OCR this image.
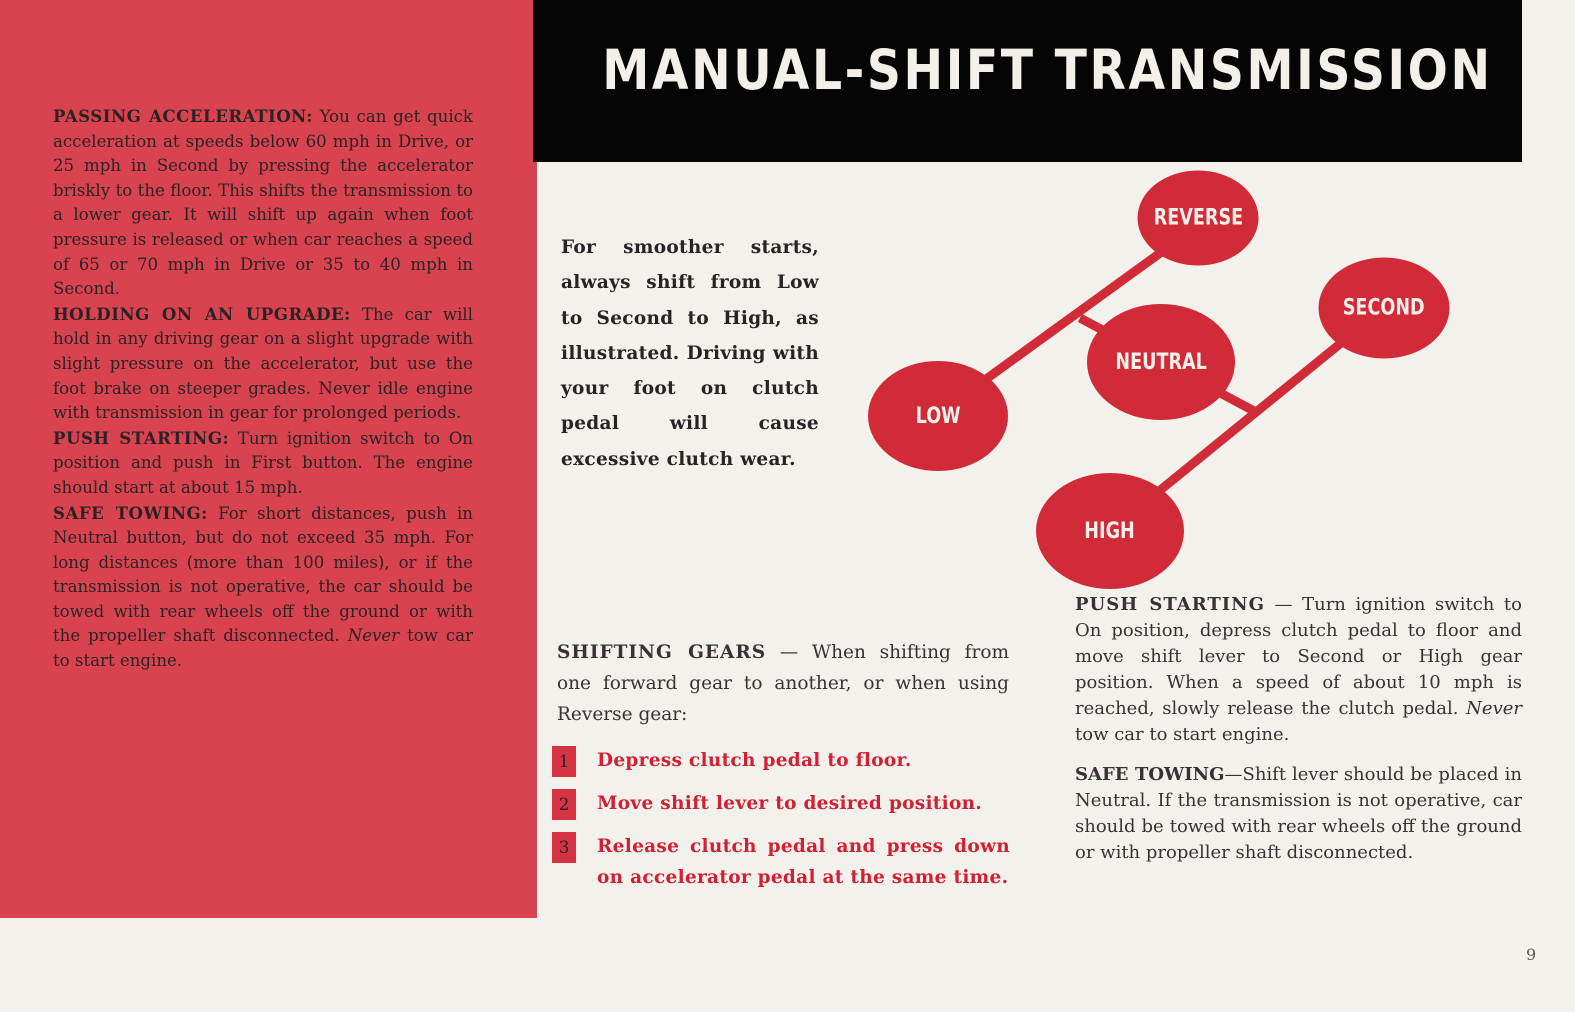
PASSING ACCELERATION: You can get quick acceleration at speeds below 60 mph in Drive, or 25 mph in Second by pressing the accelerator briskly to the floor. This shifts the transmission to a lower gear. It will shift up again when foot pressure is released or when car reaches a speed of 65 or 70 mph in Drive or 35 to 40 mph in Second.

HOLDING ON AN UPGRADE: The car will hold in any driving gear on a slight upgrade with slight pressure on the accelerator, but use the foot brake on steeper grades. Never idle engine with transmission in gear for prolonged periods.

PUSH STARTING: Turn ignition switch to On position and push in First button. The engine should start at about 15 mph.

SAFE TOWING: For short distances, push in Neutral button, but do not exceed 35 mph. For long distances (more than 100 miles), or if the transmission is not operative, the car should be towed with rear wheels off the ground or with the propeller shaft disconnected. Never tow car to start engine.

MANUAL-SHIFT TRANSMISSION
For smoother starts, always shift from Low to Second to High, as illustrated. Driving with your foot on clutch pedal will cause excessive clutch wear.
REVERSE
SECOND
NEUTRAL
LOW
HIGH
SHIFTING GEARS — When shifting from one forward gear to another, or when using Reverse gear:
1	Depress clutch pedal to floor.
2	Move shift lever to desired position.
3	Release clutch pedal and press down on accelerator pedal at the same time.

PUSH STARTING — Turn ignition switch to On position, depress clutch pedal to floor and move shift lever to Second or High gear position. When a speed of about 10 mph is reached, slowly release the clutch pedal. Never tow car to start engine.

SAFE TOWING—Shift lever should be placed in Neutral. If the transmission is not operative, car should be towed with rear wheels off the ground or with propeller shaft disconnected.

9
